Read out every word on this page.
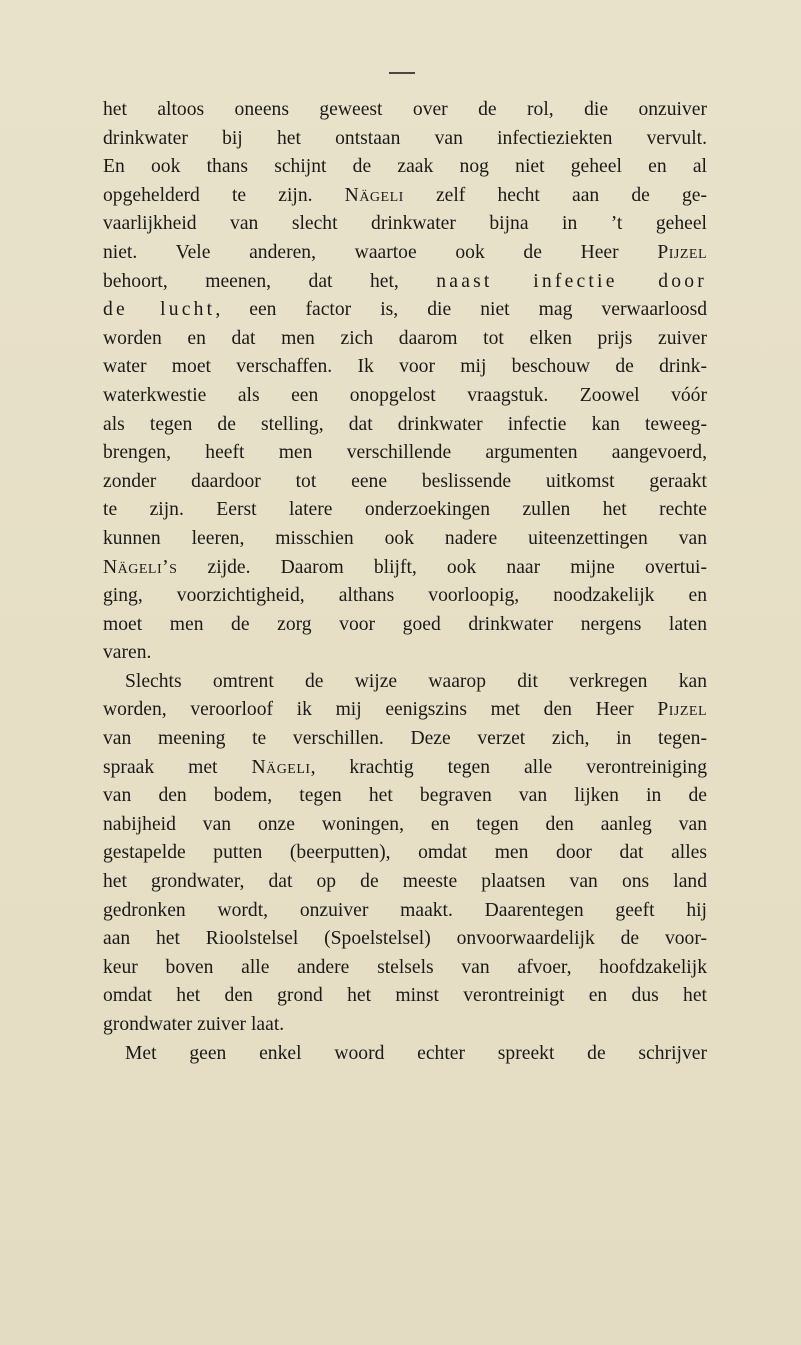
het altoos oneens geweest over de rol, die onzuiver
drinkwater bij het ontstaan van infectieziekten vervult.
En ook thans schijnt de zaak nog niet geheel en al
opgehelderd te zijn. Nägeli zelf hecht aan de ge-
vaarlijkheid van slecht drinkwater bijna in ’t geheel
niet. Vele anderen, waartoe ook de Heer Pijzel
behoort, meenen, dat het, naast infectie door
de lucht, een factor is, die niet mag verwaarloosd
worden en dat men zich daarom tot elken prijs zuiver
water moet verschaffen. Ik voor mij beschouw de drink-
waterkwestie als een onopgelost vraagstuk. Zoowel vóór
als tegen de stelling, dat drinkwater infectie kan teweeg-
brengen, heeft men verschillende argumenten aangevoerd,
zonder daardoor tot eene beslissende uitkomst geraakt
te zijn. Eerst latere onderzoekingen zullen het rechte
kunnen leeren, misschien ook nadere uiteenzettingen van
Nägeli’s zijde. Daarom blijft, ook naar mijne overtui-
ging, voorzichtigheid, althans voorloopig, noodzakelijk en
moet men de zorg voor goed drinkwater nergens laten
varen.
Slechts omtrent de wijze waarop dit verkregen kan
worden, veroorloof ik mij eenigszins met den Heer Pijzel
van meening te verschillen. Deze verzet zich, in tegen-
spraak met Nägeli, krachtig tegen alle verontreiniging
van den bodem, tegen het begraven van lijken in de
nabijheid van onze woningen, en tegen den aanleg van
gestapelde putten (beerputten), omdat men door dat alles
het grondwater, dat op de meeste plaatsen van ons land
gedronken wordt, onzuiver maakt. Daarentegen geeft hij
aan het Rioolstelsel (Spoelstelsel) onvoorwaardelijk de voor-
keur boven alle andere stelsels van afvoer, hoofdzakelijk
omdat het den grond het minst verontreinigt en dus het
grondwater zuiver laat.
Met geen enkel woord echter spreekt de schrijver
